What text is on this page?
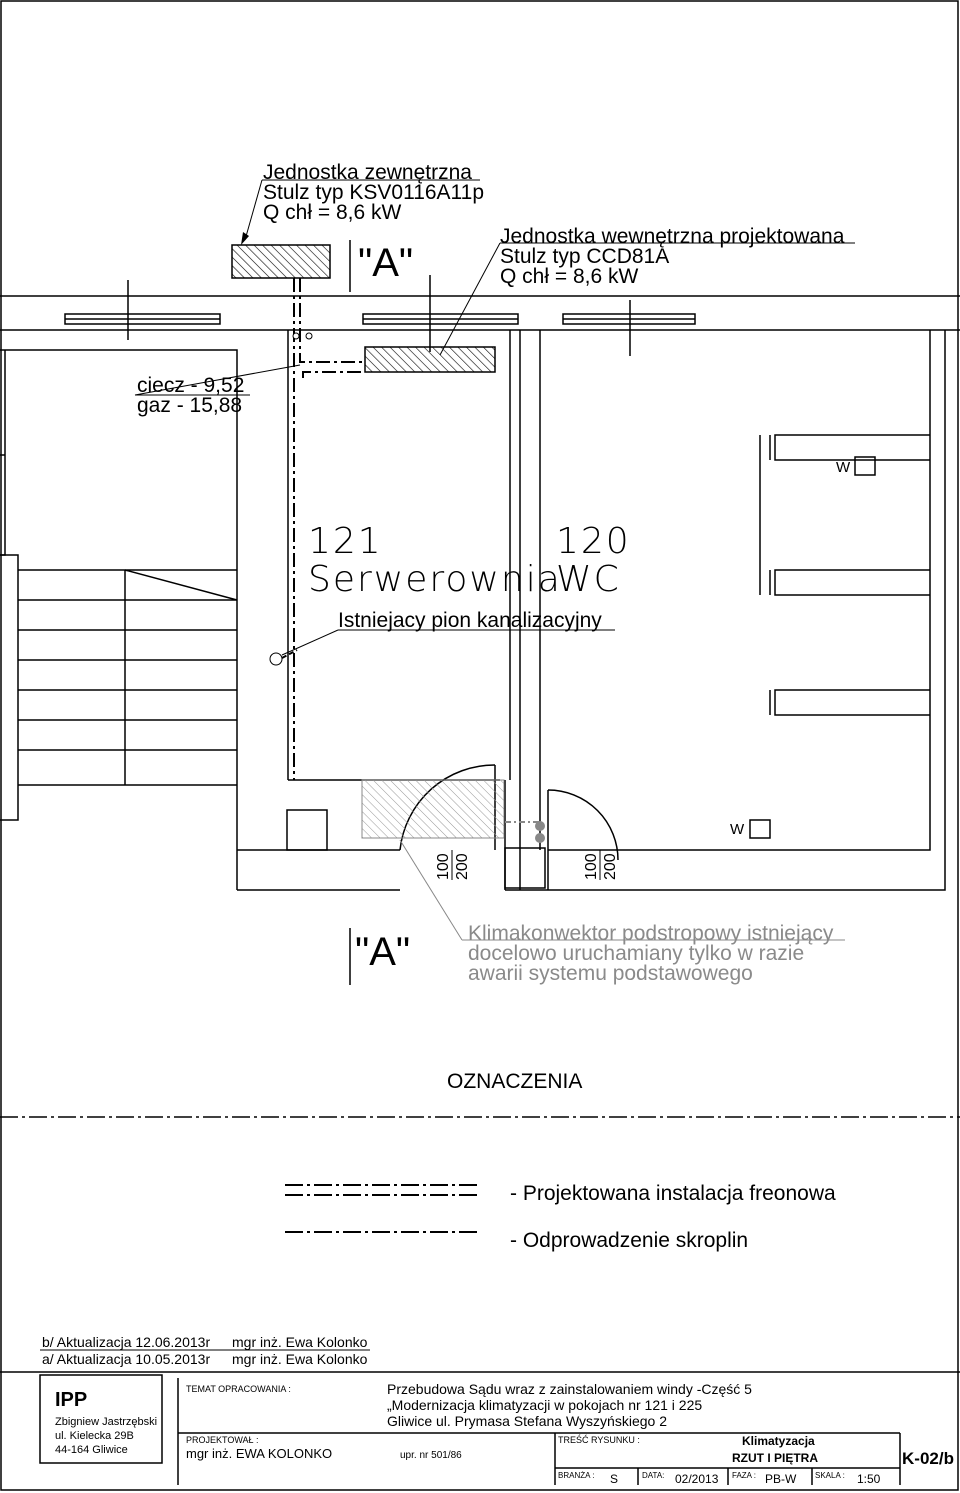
Jednostka zewnętrzna
Stulz typ KSV0116A11p
Q chł = 8,6 kW
"A"
Jednostka wewnętrzna projektowana
Stulz typ CCD81A
Q chł = 8,6 kW
ciecz - 9,52
gaz - 15,88
121
Serwerownia
120
WC
Istniejacy pion kanalizacyjny
W
W
100 200	100 200
"A"	Klimakonwektor podstropowy istniejący
docelowo uruchamiany tylko w razie
awarii systemu podstawowego
OZNACZENIA
- Projektowana instalacja freonowa
- Odprowadzenie skroplin
b/ Aktualizacja 12.06.2013r mgr inż. Ewa Kolonko
a/ Aktualizacja 10.05.2013r mgr inż. Ewa Kolonko
IPP
Zbigniew Jastrzębski
ul. Kielecka 29B
44-164 Gliwice
TEMAT OPRACOWANIA :	Przebudowa Sądu wraz z zainstalowaniem windy -Część 5
„Modernizacja klimatyzacji w pokojach nr 121 i 225
Gliwice ul. Prymasa Stefana Wyszyńskiego 2
PROJEKTOWAŁ :
mgr inż. EWA KOLONKO	upr. nr 501/86
TREŚĆ RYSUNKU :	Klimatyzacja
RZUT I PIĘTRA
BRANŻA : S	DATA: 02/2013 FAZA : PB-W SKALA : 1:50
K-02/b
